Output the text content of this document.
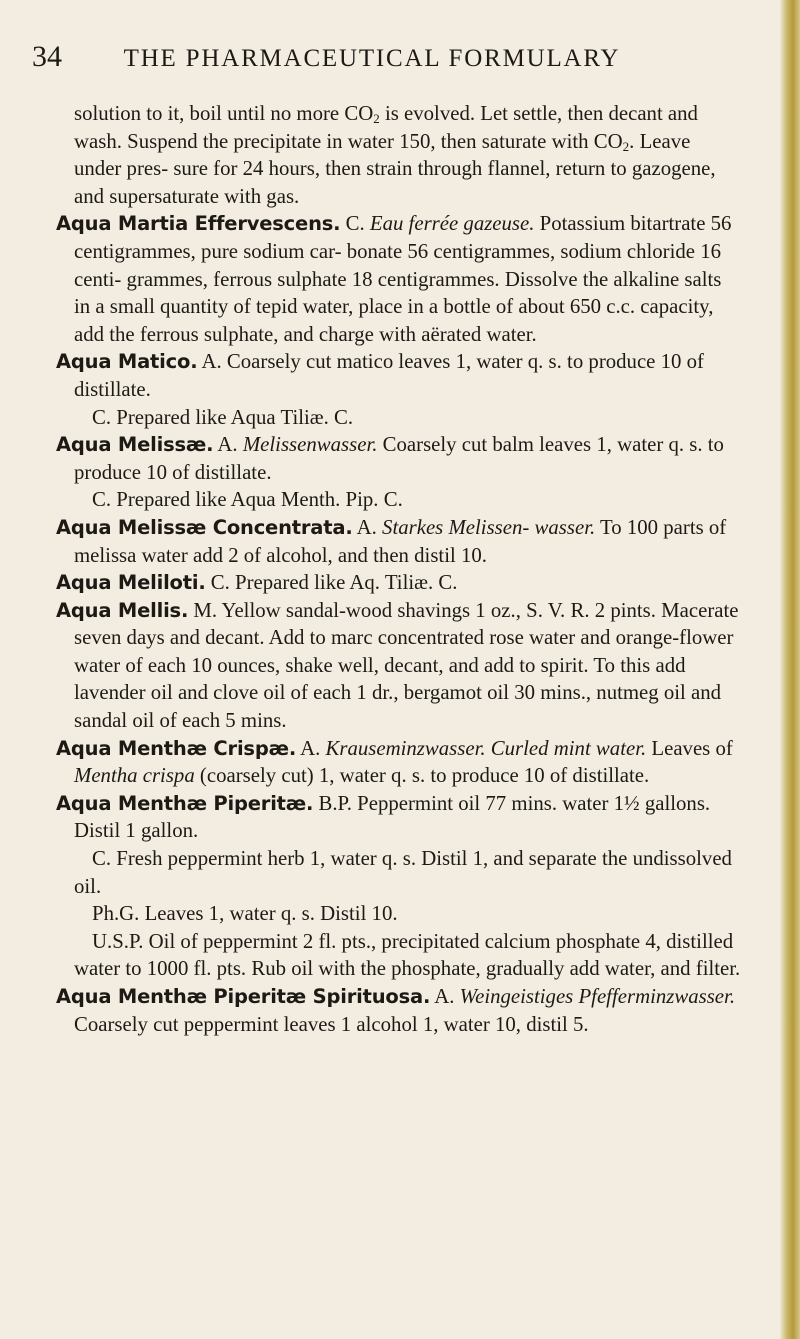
34	THE PHARMACEUTICAL FORMULARY

solution to it, boil until no more $CO_2$ is evolved. Let settle, then decant and wash. Suspend the precipitate in water 150, then saturate with $CO_2$. Leave under pres- sure for 24 hours, then strain through flannel, return to gazogene, and supersaturate with gas.

Aqua Martia Effervescens. C. Eau ferrée gazeuse. Potassium bitartrate 56 centigrammes, pure sodium car- bonate 56 centigrammes, sodium chloride 16 centi- grammes, ferrous sulphate 18 centigrammes. Dissolve the alkaline salts in a small quantity of tepid water, place in a bottle of about 650 c.c. capacity, add the ferrous sulphate, and charge with aërated water.

Aqua Matico. A. Coarsely cut matico leaves 1, water q. s. to produce 10 of distillate.

C. Prepared like Aqua Tiliæ. C.

Aqua Melissæ. A. Melissenwasser. Coarsely cut balm leaves 1, water q. s. to produce 10 of distillate.

C. Prepared like Aqua Menth. Pip. C.

Aqua Melissæ Concentrata. A. Starkes Melissen- wasser. To 100 parts of melissa water add 2 of alcohol, and then distil 10.

Aqua Meliloti. C. Prepared like Aq. Tiliæ. C.

Aqua Mellis. M. Yellow sandal-wood shavings 1 oz., S. V. R. 2 pints. Macerate seven days and decant. Add to marc concentrated rose water and orange-flower water of each 10 ounces, shake well, decant, and add to spirit. To this add lavender oil and clove oil of each 1 dr., bergamot oil 30 mins., nutmeg oil and sandal oil of each 5 mins.

Aqua Menthæ Crispæ. A. Krauseminzwasser. Curled mint water. Leaves of Mentha crispa (coarsely cut) 1, water q. s. to produce 10 of distillate.

Aqua Menthæ Piperitæ. B.P. Peppermint oil 77 mins. water 1½ gallons. Distil 1 gallon.

C. Fresh peppermint herb 1, water q. s. Distil 1, and separate the undissolved oil.

Ph.G. Leaves 1, water q. s. Distil 10.

U.S.P. Oil of peppermint 2 fl. pts., precipitated calcium phosphate 4, distilled water to 1000 fl. pts. Rub oil with the phosphate, gradually add water, and filter.

Aqua Menthæ Piperitæ Spirituosa. A. Weingeistiges Pfefferminzwasser. Coarsely cut peppermint leaves 1 alcohol 1, water 10, distil 5.
